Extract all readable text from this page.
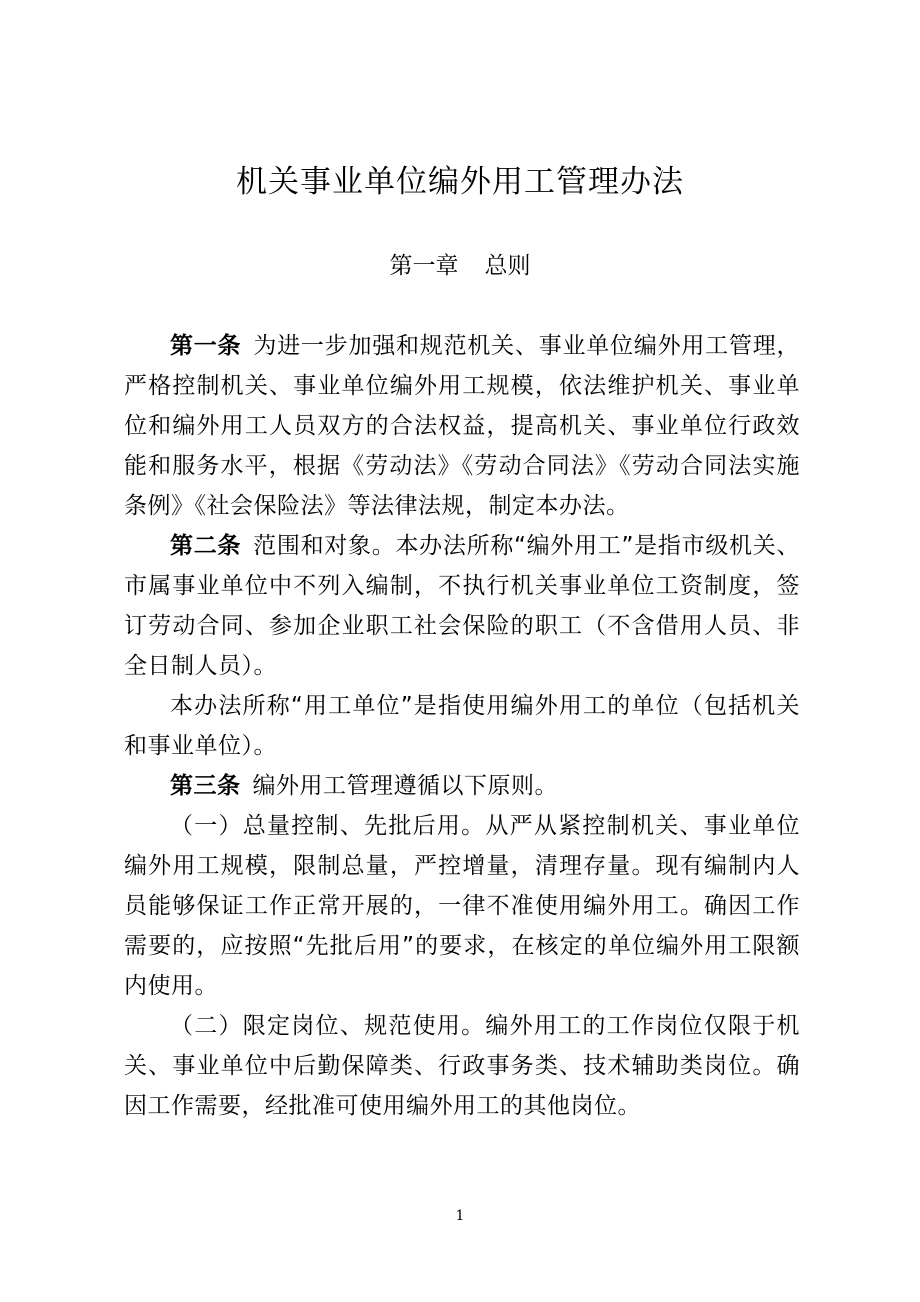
机关事业单位编外用工管理办法
第一章 总则

第一条 为进一步加强和规范机关、事业单位编外用工管理，严格控制机关、事业单位编外用工规模，依法维护机关、事业单位和编外用工人员双方的合法权益，提高机关、事业单位行政效能和服务水平，根据《劳动法》《劳动合同法》《劳动合同法实施条例》《社会保险法》等法律法规，制定本办法。

第二条 范围和对象。本办法所称“编外用工”是指市级机关、市属事业单位中不列入编制，不执行机关事业单位工资制度，签订劳动合同、参加企业职工社会保险的职工（不含借用人员、非全日制人员）。

本办法所称“用工单位”是指使用编外用工的单位（包括机关和事业单位）。

第三条 编外用工管理遵循以下原则。

（一）总量控制、先批后用。从严从紧控制机关、事业单位编外用工规模，限制总量，严控增量，清理存量。现有编制内人员能够保证工作正常开展的，一律不准使用编外用工。确因工作需要的，应按照“先批后用”的要求，在核定的单位编外用工限额内使用。

（二）限定岗位、规范使用。编外用工的工作岗位仅限于机关、事业单位中后勤保障类、行政事务类、技术辅助类岗位。确因工作需要，经批准可使用编外用工的其他岗位。

1
